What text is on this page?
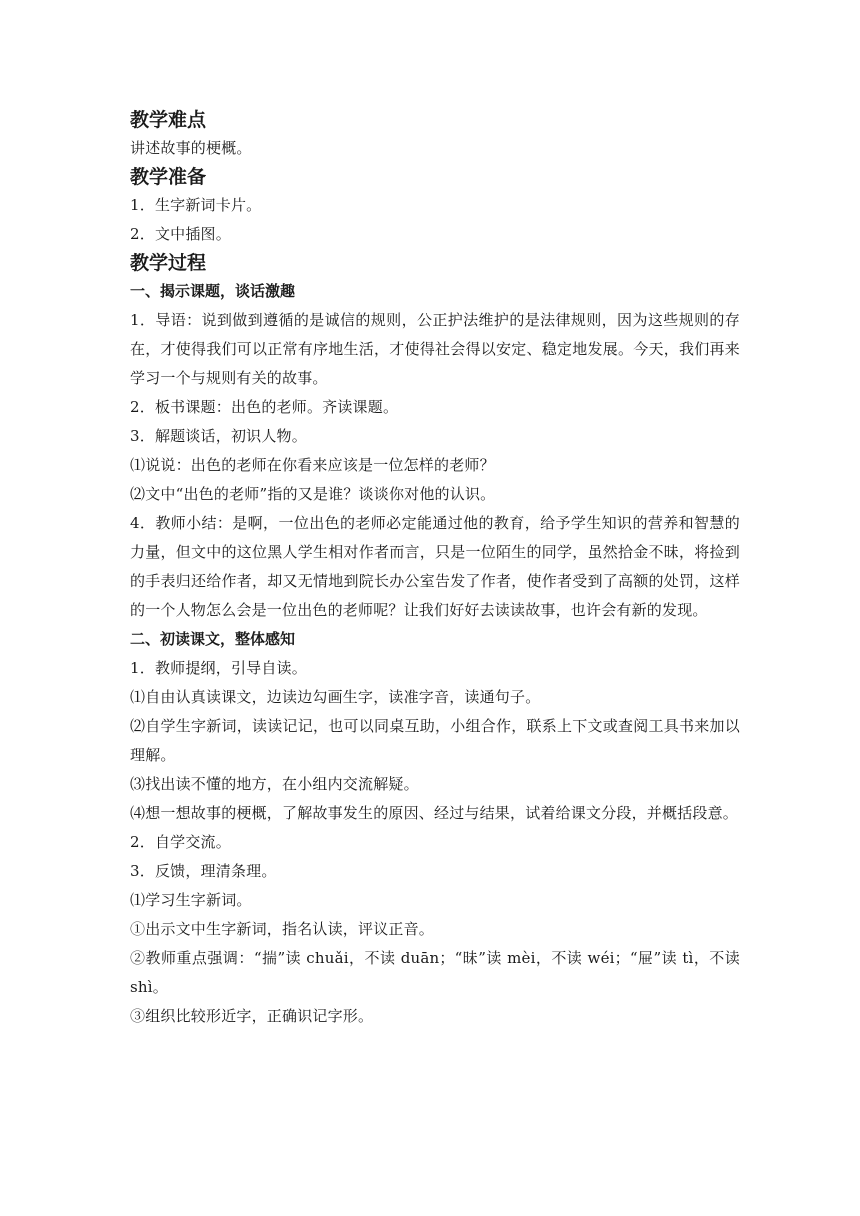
教学难点
讲述故事的梗概。
教学准备
1．生字新词卡片。
2．文中插图。
教学过程
一、揭示课题，谈话激趣
1．导语：说到做到遵循的是诚信的规则，公正护法维护的是法律规则，因为这些规则的存在，才使得我们可以正常有序地生活，才使得社会得以安定、稳定地发展。今天，我们再来学习一个与规则有关的故事。
2．板书课题：出色的老师。齐读课题。
3．解题谈话，初识人物。
⑴说说：出色的老师在你看来应该是一位怎样的老师？
⑵文中“出色的老师”指的又是谁？谈谈你对他的认识。
4．教师小结：是啊，一位出色的老师必定能通过他的教育，给予学生知识的营养和智慧的力量，但文中的这位黑人学生相对作者而言，只是一位陌生的同学，虽然拾金不昧，将捡到的手表归还给作者，却又无情地到院长办公室告发了作者，使作者受到了高额的处罚，这样的一个人物怎么会是一位出色的老师呢？让我们好好去读读故事，也许会有新的发现。
二、初读课文，整体感知
1．教师提纲，引导自读。
⑴自由认真读课文，边读边勾画生字，读准字音，读通句子。
⑵自学生字新词，读读记记，也可以同桌互助，小组合作，联系上下文或查阅工具书来加以理解。
⑶找出读不懂的地方，在小组内交流解疑。
⑷想一想故事的梗概，了解故事发生的原因、经过与结果，试着给课文分段，并概括段意。
2．自学交流。
3．反馈，理清条理。
⑴学习生字新词。
①出示文中生字新词，指名认读，评议正音。
②教师重点强调：“揣”读 chuǎi，不读 duān；“昧”读 mèi，不读 wéi；“屉”读 tì，不读 shì。
③组织比较形近字，正确识记字形。
